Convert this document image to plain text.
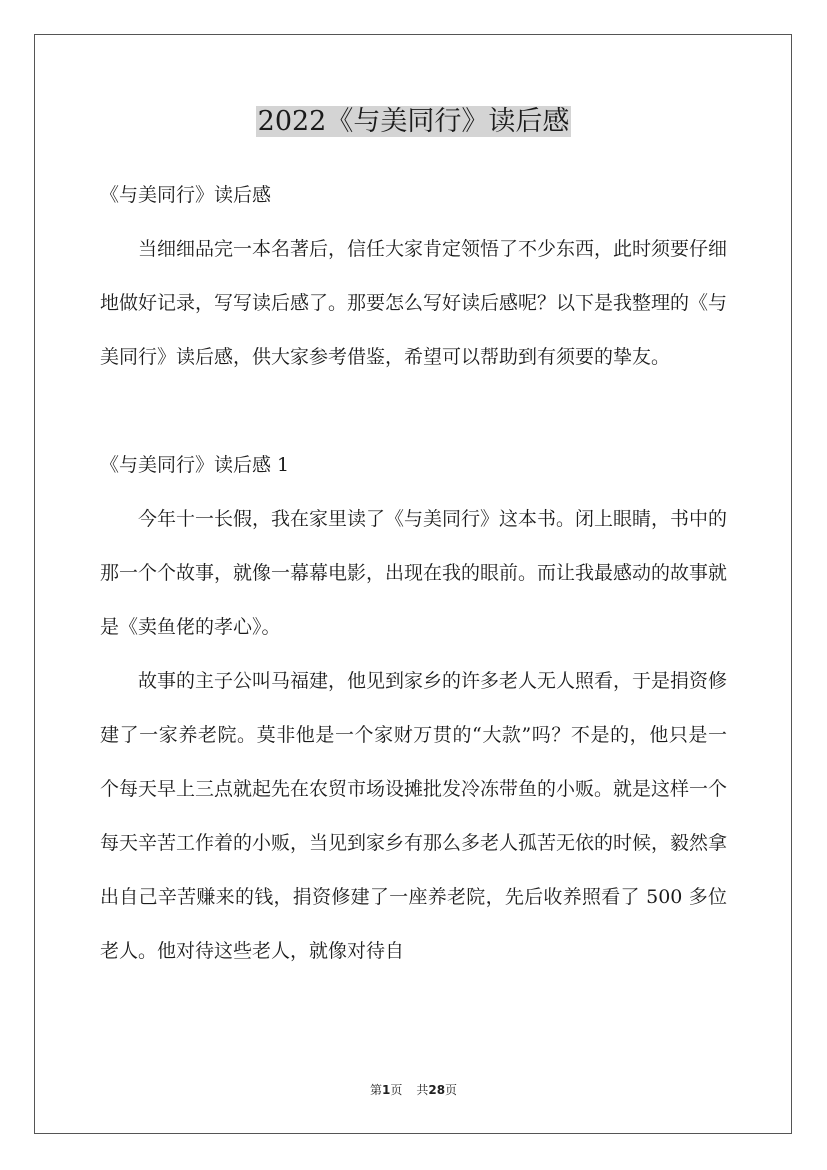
2022《与美同行》读后感

《与美同行》读后感

当细细品完一本名著后，信任大家肯定领悟了不少东西，此时须要仔细地做好记录，写写读后感了。那要怎么写好读后感呢？以下是我整理的《与美同行》读后感，供大家参考借鉴，希望可以帮助到有须要的挚友。

《与美同行》读后感 1

今年十一长假，我在家里读了《与美同行》这本书。闭上眼睛，书中的那一个个故事，就像一幕幕电影，出现在我的眼前。而让我最感动的故事就是《卖鱼佬的孝心》。

故事的主子公叫马福建，他见到家乡的许多老人无人照看，于是捐资修建了一家养老院。莫非他是一个家财万贯的“大款”吗？不是的，他只是一个每天早上三点就起先在农贸市场设摊批发冷冻带鱼的小贩。就是这样一个每天辛苦工作着的小贩，当见到家乡有那么多老人孤苦无依的时候，毅然拿出自己辛苦赚来的钱，捐资修建了一座养老院，先后收养照看了 500 多位老人。他对待这些老人，就像对待自

第1页 共28页
